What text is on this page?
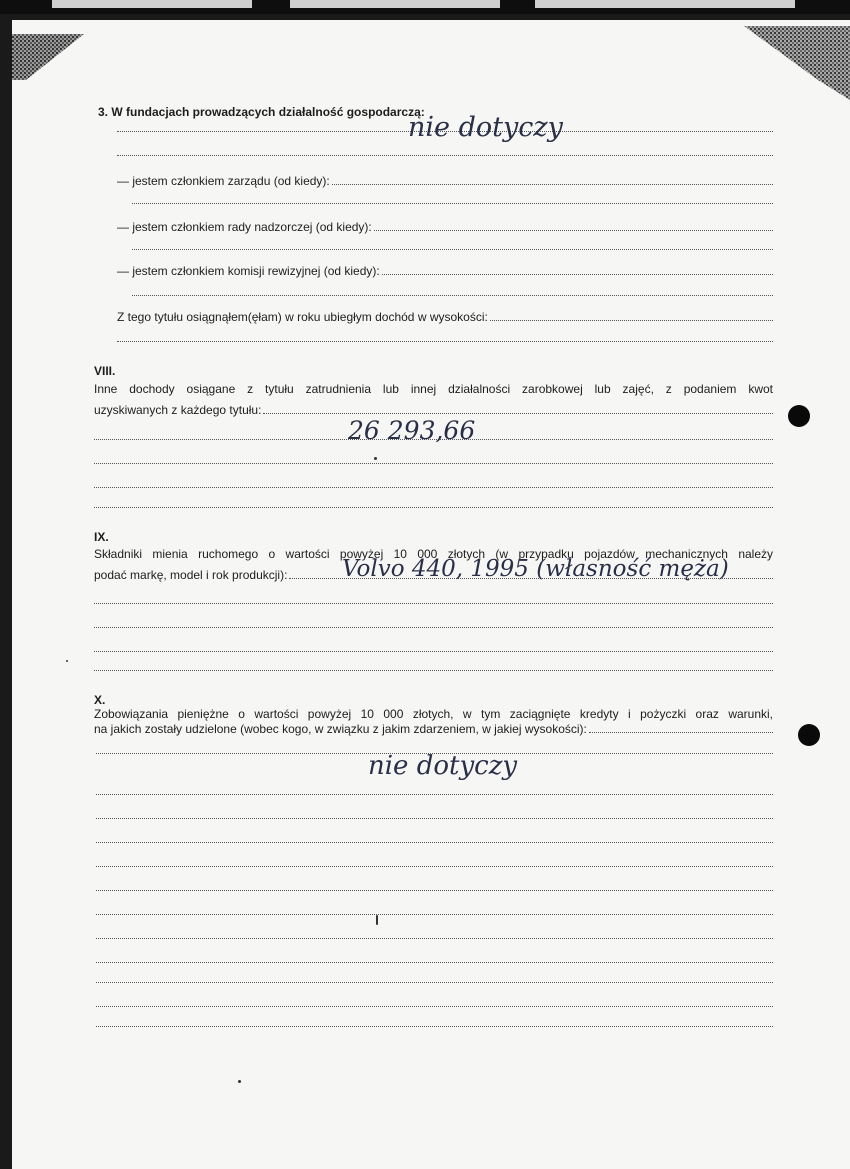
3. W fundacjach prowadzących działalność gospodarczą:
nie dotyczy
— jestem członkiem zarządu (od kiedy):
— jestem członkiem rady nadzorczej (od kiedy):
— jestem członkiem komisji rewizyjnej (od kiedy):
Z tego tytułu osiągnąłem(ęłam) w roku ubiegłym dochód w wysokości:
VIII.
Inne dochody osiągane z tytułu zatrudnienia lub innej działalności zarobkowej lub zajęć, z podaniem kwot
uzyskiwanych z każdego tytułu:
26 293,66
IX.
Składniki mienia ruchomego o wartości powyżej 10 000 złotych (w przypadku pojazdów mechanicznych należy
podać markę, model i rok produkcji): Volvo 440, 1995 (własność męża)
X.
Zobowiązania pieniężne o wartości powyżej 10 000 złotych, w tym zaciągnięte kredyty i pożyczki oraz warunki,
na jakich zostały udzielone (wobec kogo, w związku z jakim zdarzeniem, w jakiej wysokości):
nie dotyczy
